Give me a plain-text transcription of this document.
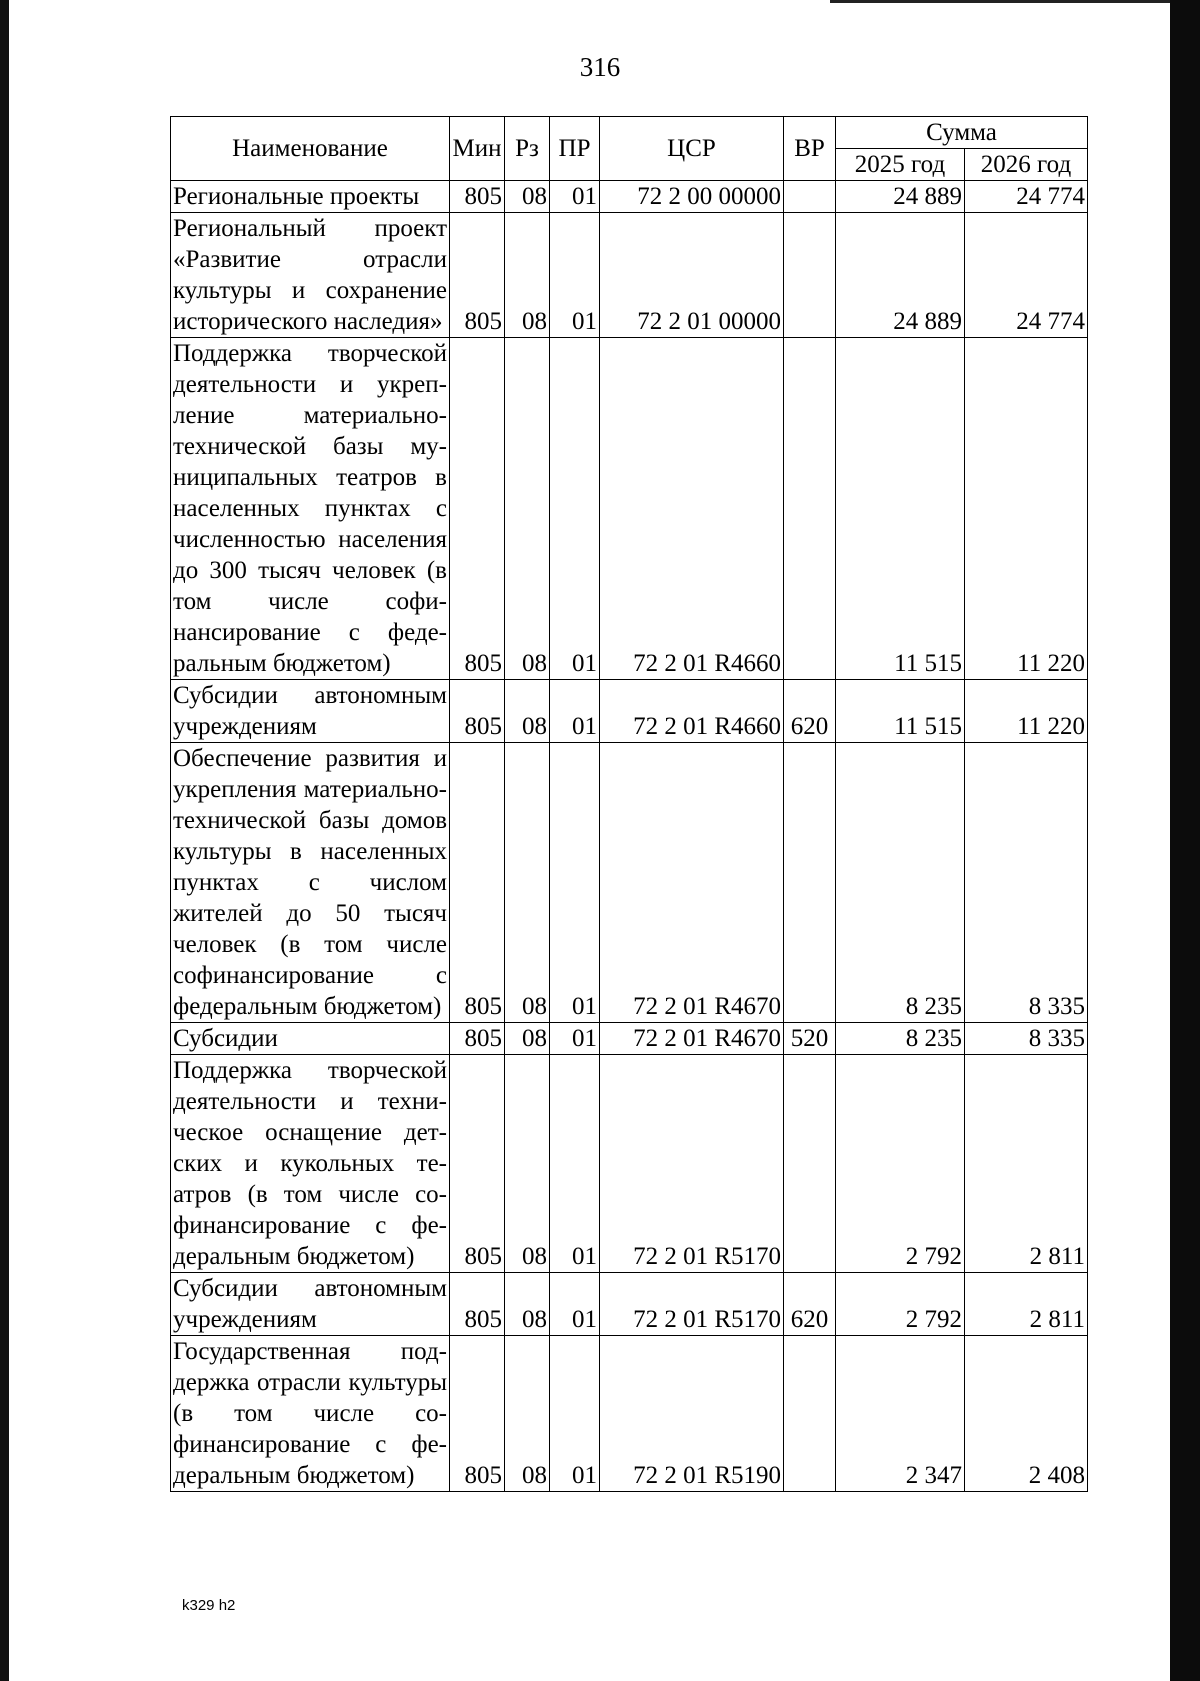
316
Наименование	Мин	Рз	ПР	ЦСР	ВР	Сумма	
						2025 год	2026 год
Региональные проекты	805	08	01	72 2 00 00000		24 889	24 774
Региональный проект «Развитие отрасли культуры и сохранение исторического наследия»	805	08	01	72 2 01 00000		24 889	24 774
Поддержка творческой деятельности и укрепление материально-технической базы муниципальных театров в населенных пунктах с численностью населения до 300 тысяч человек (в том числе софинансирование с федеральным бюджетом)	805	08	01	72 2 01 R4660		11 515	11 220
Субсидии автономным учреждениям	805	08	01	72 2 01 R4660	620	11 515	11 220
Обеспечение развития и укрепления материально-технической базы домов культуры в населенных пунктах с числом жителей до 50 тысяч человек (в том числе софинансирование с федеральным бюджетом)	805	08	01	72 2 01 R4670		8 235	8 335
Субсидии	805	08	01	72 2 01 R4670	520	8 235	8 335
Поддержка творческой деятельности и техническое оснащение детских и кукольных театров (в том числе софинансирование с федеральным бюджетом)	805	08	01	72 2 01 R5170		2 792	2 811
Субсидии автономным учреждениям	805	08	01	72 2 01 R5170	620	2 792	2 811
Государственная поддержка отрасли культуры (в том числе софинансирование с федеральным бюджетом)	805	08	01	72 2 01 R5190		2 347	2 408
k329 h2
